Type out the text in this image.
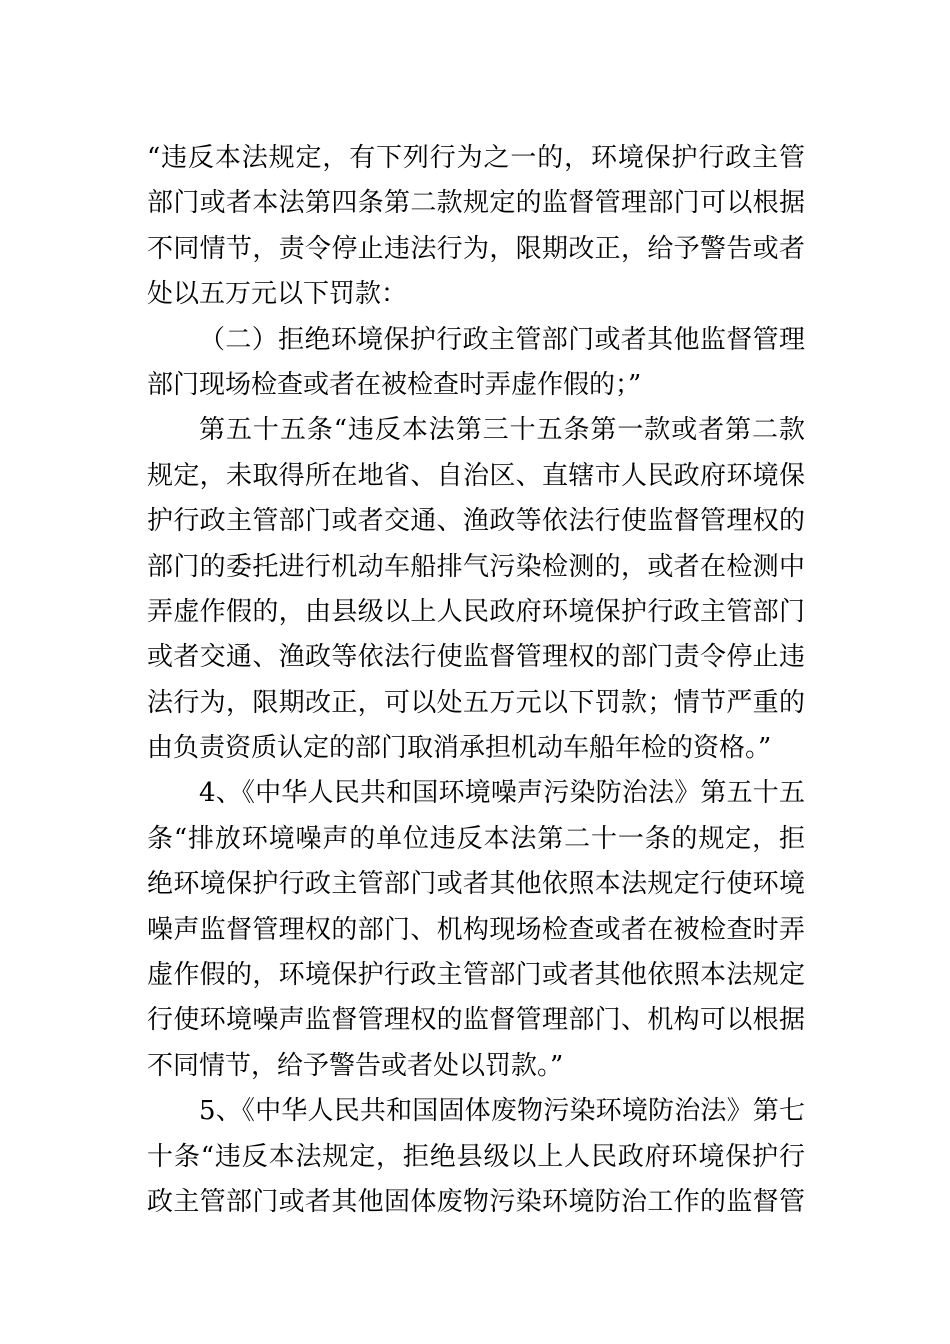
“违反本法规定，有下列行为之一的，环境保护行政主管
部门或者本法第四条第二款规定的监督管理部门可以根据
不同情节，责令停止违法行为，限期改正，给予警告或者
处以五万元以下罚款：
（二）拒绝环境保护行政主管部门或者其他监督管理
部门现场检查或者在被检查时弄虚作假的；”
第五十五条“违反本法第三十五条第一款或者第二款
规定，未取得所在地省、自治区、直辖市人民政府环境保
护行政主管部门或者交通、渔政等依法行使监督管理权的
部门的委托进行机动车船排气污染检测的，或者在检测中
弄虚作假的，由县级以上人民政府环境保护行政主管部门
或者交通、渔政等依法行使监督管理权的部门责令停止违
法行为，限期改正，可以处五万元以下罚款；情节严重的
由负责资质认定的部门取消承担机动车船年检的资格。”
4、《中华人民共和国环境噪声污染防治法》第五十五
条“排放环境噪声的单位违反本法第二十一条的规定，拒
绝环境保护行政主管部门或者其他依照本法规定行使环境
噪声监督管理权的部门、机构现场检查或者在被检查时弄
虚作假的，环境保护行政主管部门或者其他依照本法规定
行使环境噪声监督管理权的监督管理部门、机构可以根据
不同情节，给予警告或者处以罚款。”
5、《中华人民共和国固体废物污染环境防治法》第七
十条“违反本法规定，拒绝县级以上人民政府环境保护行
政主管部门或者其他固体废物污染环境防治工作的监督管
